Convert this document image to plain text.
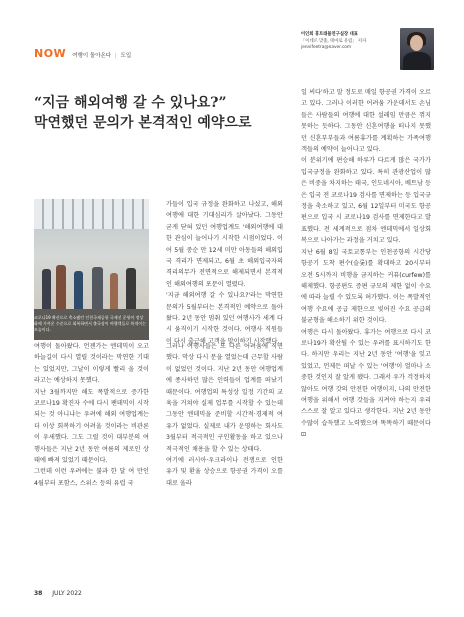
NOW 여행이 돌아온다 | 도입
이인희 휴트래블연구실장 대표
「이데르 맞춤, 테마로 유럽」 저자
jennifeetra@naver.com
“지금 해외여행 갈 수 있나요?”
막연했던 문의가 본격적인 예약으로
코로나19 확산으로 축소됐던 인천국제공항 국제선 운항이 정상화에 가까운 수준으로 회복하면서 출국장이 여행객들로 북적이는 모습이다.

여행이 돌아왔다. 언젠가는 엔데믹이 오고 하늘길이 다시 열릴 것이라는 막연한 기대는 있었지만, 그날이 이렇게 빨리 올 것이라고는 예상하지 못했다.

지난 3월까지만 해도 폭발적으로 증가한 코로나19 확진자 수에 다시 팬데믹이 시작되는 것 아니냐는 우려에 해외 여행업계는 더 이상 회복하기 어려울 것이라는 비관론이 우세했다. 그도 그럴 것이 대부분의 여행사들은 지난 2년 동안 여름의 제로인 상태에 빠져 있었기 때문이다.

그런데 이런 우려에는 불과 한 달 여 만인 4월부터 포함스, 스위스 등의 유럽 국

가들이 입국 규정을 완화하고 나섰고, 해외여행에 대한 기대심리가 살아났다. 그동안 굳게 닫혀 있던 여행업계도 '해외여행에 대한 관심이 늘어나기 시작한 시점이었다. 이어 5월 중순 만 12세 미만 아동들의 해외입국 격리가 면제되고, 6월 초 해외입국자의 격리의무가 전면적으로 해제되면서 본격적인 해외여행의 포문이 열렸다.

'지금 해외여행 갈 수 있나요?'라는 막연한 문의가 5월부터는 본격적인 예약으로 돌아왔다. 2년 동안 멈춰 있던 여행사가 세계 다시 움직이기 시작한 것이다. 여행사 직원들이 다시 출근해 고객을 맞이하기 시작했다.

그러나 여행사들은 또 다른 어려움에 직면했다. 막상 다시 문을 열었는데 근무할 사람이 없었던 것이다. 지난 2년 동안 여행업계에 종사하던 많은 인력들이 업계를 떠났기 때문이다. 여행업의 특성상 일정 기간의 교육을 거쳐야 실제 업무를 시작할 수 있는데 그동안 엔데믹을 준비할 시간적·경제적 여유가 없었다. 실제로 내가 운영하는 회사도 3월부터 적극적인 구인활동을 하고 있으나 적극적인 채용을 할 수 있는 상태다.

여기에 러시아·우크라이나 전쟁으로 인한 유가 및 환율 상승으로 항공권 가격이 오를 대로 올라

일 씨다'하고 말 정도로 매일 항공권 가격이 오르고 있다. 그러나 이러한 어려움 가운데서도 손님들은 사람들의 여행에 대한 설레임 만큼은 꺾지 못하는 듯하다. 그동안 신혼여행을 떠나지 못했던 신혼부부들과 여름휴가를 계획하는 가족여행객들의 예약이 늘어나고 있다.

이 분위기에 편승해 하루가 다르게 많은 국가가 입국규정을 완화하고 있다. 특히 관광산업이 많은 비중을 차지하는 태국, 인도네시아, 베트남 등은 입국 전 코로나19 검사를 면제하는 등 입국규정을 축소하고 있고, 6월 12일부터 미국도 항공편으로 입국 시 코로나19 검사를 면제한다고 발표했다. 전 세계적으로 점차 엔데믹에서 일상회복으로 나아가는 과정을 거치고 있다.

지난 6월 8일 국토교통부는 인천공항의 시간당 항공기 도착 편수(슬롯)를 확대하고 20시부터 오전 5시까지 비행을 금지하는 커퓨(curfew)를 해제했다. 항공편도 증편 규모의 제한 없이 수요에 따라 늘릴 수 있도록 허가했다. 이는 폭발적인 여행 수요에 공급 제한으로 빚어진 수요 공급의 불균형을 해소하기 위한 것이다.

여행은 다시 돌아왔다. 휴가는 여행으로 다시 코로나19가 확산될 수 있는 우려를 표시하기도 한다. 하지만 우리는 지난 2년 동안 '여행'을 잊고 있었고, 언제든 떠날 수 있는 '여행'이 얼마나 소중한 것인지 잘 알게 됐다. 그래서 우가 걱정하지 않아도 여행 갓의 안전한 여행이지, 나의 안전한 여행을 위해서 여행 갓들을 지켜야 하는지 우리 스스로 잘 알고 있다고 생각한다. 지난 2년 동안 수많이 습득했고 노력했으며 똑똑하기 때문이다 ⊡

38 JULY 2022
